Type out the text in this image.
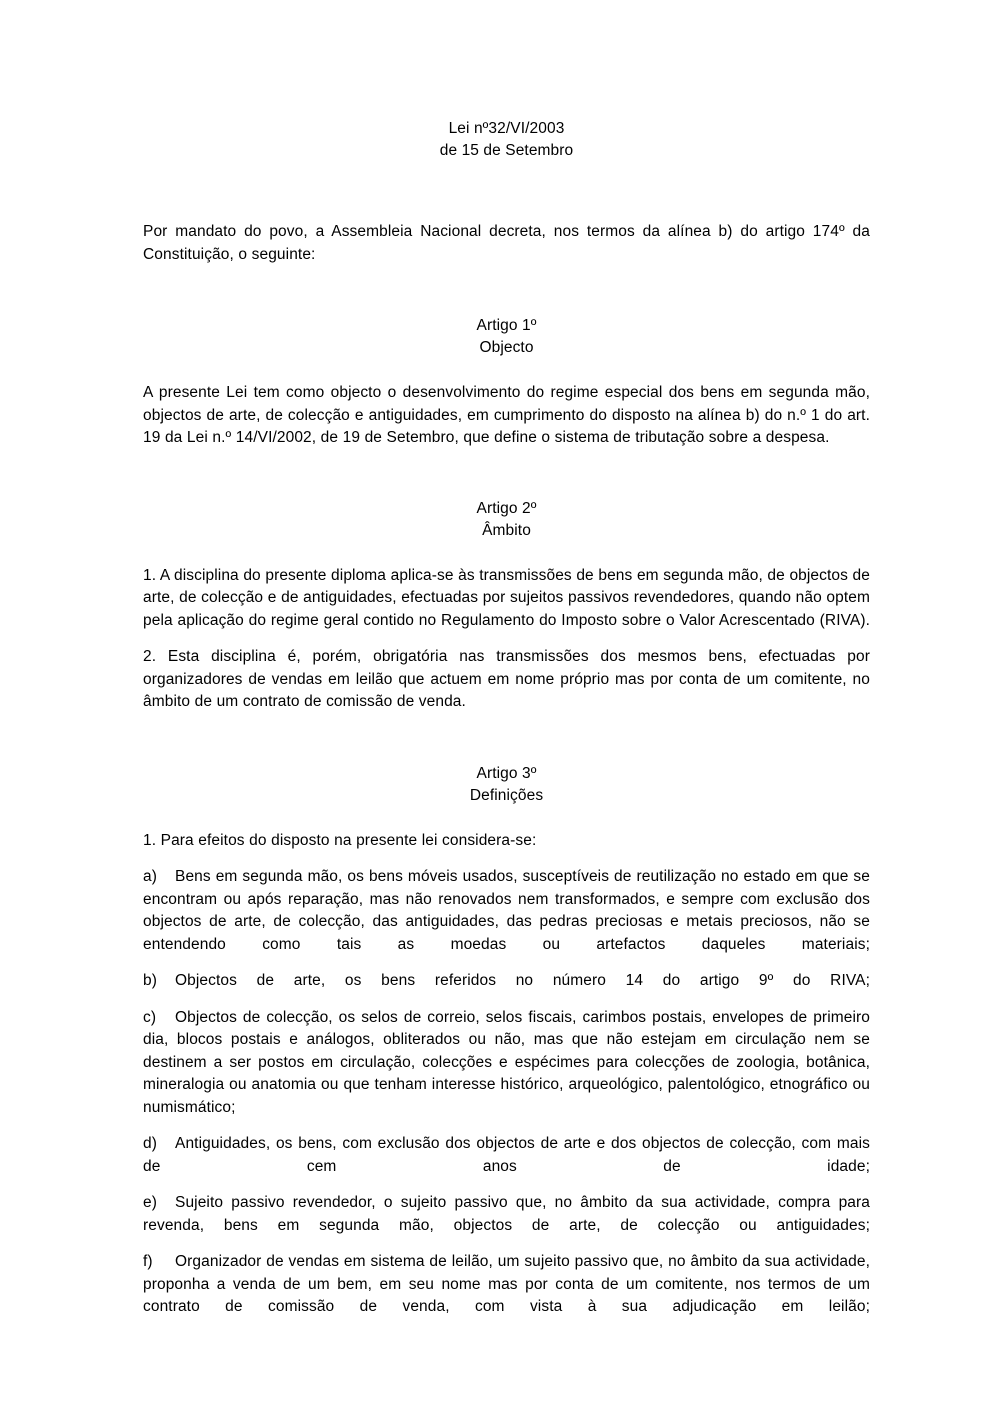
Lei nº32/VI/2003
de 15 de Setembro
Por mandato do povo, a Assembleia Nacional decreta, nos termos da alínea b) do artigo 174º da Constituição, o seguinte:
Artigo 1º
Objecto
A presente Lei tem como objecto o desenvolvimento do regime especial dos bens em segunda mão, objectos de arte, de colecção e antiguidades, em cumprimento do disposto na alínea b) do n.º 1 do art. 19 da Lei n.º 14/VI/2002, de 19 de Setembro, que define o sistema de tributação sobre a despesa.
Artigo 2º
Âmbito
1. A disciplina do presente diploma aplica-se às transmissões de bens em segunda mão, de objectos de arte, de colecção e de antiguidades, efectuadas por sujeitos passivos revendedores, quando não optem pela aplicação do regime geral contido no Regulamento do Imposto sobre o Valor Acrescentado (RIVA).
2. Esta disciplina é, porém, obrigatória nas transmissões dos mesmos bens, efectuadas por organizadores de vendas em leilão que actuem em nome próprio mas por conta de um comitente, no âmbito de um contrato de comissão de venda.
Artigo 3º
Definições
1. Para efeitos do disposto na presente lei considera-se:
a) Bens em segunda mão, os bens móveis usados, susceptíveis de reutilização no estado em que se encontram ou após reparação, mas não renovados nem transformados, e sempre com exclusão dos objectos de arte, de colecção, das antiguidades, das pedras preciosas e metais preciosos, não se entendendo como tais as moedas ou artefactos daqueles materiais;
b) Objectos de arte, os bens referidos no número 14 do artigo 9º do RIVA;
c) Objectos de colecção, os selos de correio, selos fiscais, carimbos postais, envelopes de primeiro dia, blocos postais e análogos, obliterados ou não, mas que não estejam em circulação nem se destinem a ser postos em circulação, colecções e espécimes para colecções de zoologia, botânica, mineralogia ou anatomia ou que tenham interesse histórico, arqueológico, palentológico, etnográfico ou numismático;
d) Antiguidades, os bens, com exclusão dos objectos de arte e dos objectos de colecção, com mais de cem anos de idade;
e) Sujeito passivo revendedor, o sujeito passivo que, no âmbito da sua actividade, compra para revenda, bens em segunda mão, objectos de arte, de colecção ou antiguidades;
f) Organizador de vendas em sistema de leilão, um sujeito passivo que, no âmbito da sua actividade, proponha a venda de um bem, em seu nome mas por conta de um comitente, nos termos de um contrato de comissão de venda, com vista à sua adjudicação em leilão;
